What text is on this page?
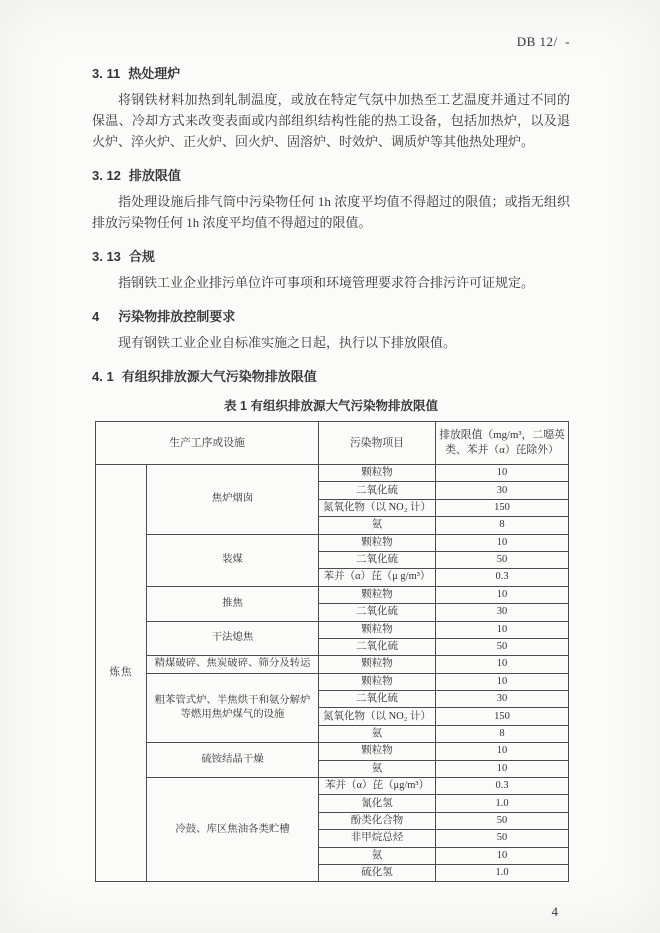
DB 12/  -
3. 11 热处理炉

将钢铁材料加热到轧制温度，或放在特定气氛中加热至工艺温度并通过不同的保温、冷却方式来改变表面或内部组织结构性能的热工设备，包括加热炉，以及退火炉、淬火炉、正火炉、回火炉、固溶炉、时效炉、调质炉等其他热处理炉。

3. 12 排放限值

指处理设施后排气筒中污染物任何 1h 浓度平均值不得超过的限值；或指无组织排放污染物任何 1h 浓度平均值不得超过的限值。

3. 13 合规

指钢铁工业企业排污单位许可事项和环境管理要求符合排污许可证规定。

4 污染物排放控制要求

现有钢铁工业企业自标准实施之日起，执行以下排放限值。

4. 1 有组织排放源大气污染物排放限值
表 1 有组织排放源大气污染物排放限值
生产工序或设施		污染物项目	排放限值（mg/m³，二噁英类、苯并（α）芘除外）
炼焦	焦炉烟囱	颗粒物	10
		二氧化硫	30
		氮氧化物（以 NO₂ 计）	150
		氨	8
	装煤	颗粒物	10
		二氧化硫	50
		苯并（α）芘（μ g/m³）	0.3
	推焦	颗粒物	10
		二氧化硫	30
	干法熄焦	颗粒物	10
		二氧化硫	50
	精煤破碎、焦炭破碎、筛分及转运	颗粒物	10
	粗苯管式炉、半焦烘干和氨分解炉等燃用焦炉煤气的设施	颗粒物	10
		二氧化硫	30
		氮氧化物（以 NO₂ 计）	150
		氨	8
	硫铵结晶干燥	颗粒物	10
		氨	10
	冷鼓、库区焦油各类贮槽	苯并（α）芘（μg/m³）	0.3
		氰化氢	1.0
		酚类化合物	50
		非甲烷总烃	50
		氨	10
		硫化氢	1.0
4
